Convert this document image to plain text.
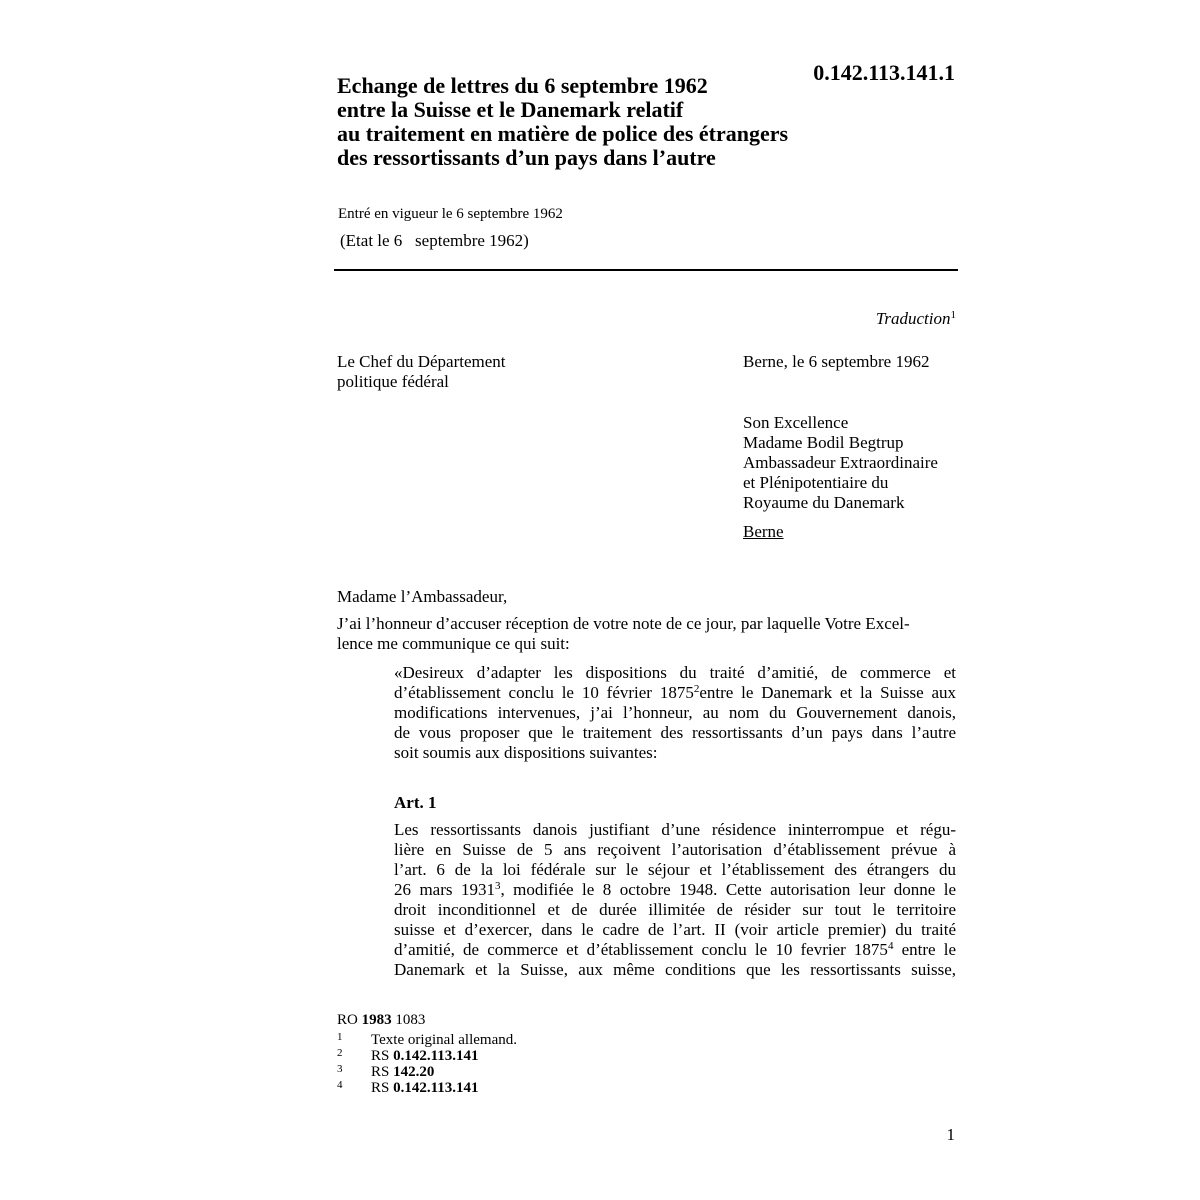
0.142.113.141.1
Echange de lettres du 6 septembre 1962
entre la Suisse et le Danemark relatif
au traitement en matière de police des étrangers
des ressortissants d’un pays dans l’autre
Entré en vigueur le 6 septembre 1962
(Etat le 6   septembre 1962)
Traduction$^1$
Le Chef du Département
politique fédéral
Berne, le 6 septembre 1962
Son Excellence
Madame Bodil Begtrup
Ambassadeur Extraordinaire
et Plénipotentiaire du
Royaume du Danemark
Berne
Madame l’Ambassadeur,
J’ai l’honneur d’accuser réception de votre note de ce jour, par laquelle Votre Excel-
lence me communique ce qui suit:
«Desireux d’adapter les dispositions du traité d’amitié, de commerce et
d’établissement conclu le 10 février 1875$^2$entre le Danemark et la Suisse aux
modifications intervenues, j’ai l’honneur, au nom du Gouvernement danois,
de vous proposer que le traitement des ressortissants d’un pays dans l’autre
soit soumis aux dispositions suivantes:
Art. 1
Les ressortissants danois justifiant d’une résidence ininterrompue et régu-
lière en Suisse de 5 ans reçoivent l’autorisation d’établissement prévue à
l’art. 6 de la loi fédérale sur le séjour et l’établissement des étrangers du
26 mars 1931$^3$, modifiée le 8 octobre 1948. Cette autorisation leur donne le
droit inconditionnel et de durée illimitée de résider sur tout le territoire
suisse et d’exercer, dans le cadre de l’art. II (voir article premier) du traité
d’amitié, de commerce et d’établissement conclu le 10 fevrier 1875$^4$ entre le
Danemark et la Suisse, aux même conditions que les ressortissants suisse,
RO 1983 1083
1	Texte original allemand.
2	RS 0.142.113.141
3	RS 142.20
4	RS 0.142.113.141
1
